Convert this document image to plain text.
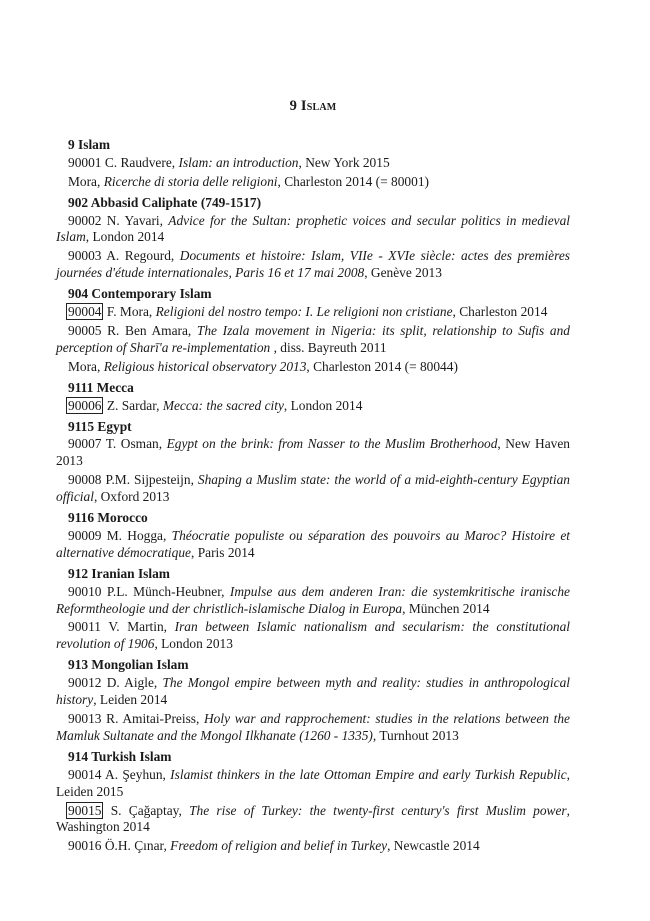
9 Islam
9 Islam
90001 C. Raudvere, Islam: an introduction, New York 2015
Mora, Ricerche di storia delle religioni, Charleston 2014 (= 80001)
902 Abbasid Caliphate (749-1517)
90002 N. Yavari, Advice for the Sultan: prophetic voices and secular politics in medieval Islam, London 2014
90003 A. Regourd, Documents et histoire: Islam, VIIe - XVIe siècle: actes des premières journées d'étude internationales, Paris 16 et 17 mai 2008, Genève 2013
904 Contemporary Islam
90004 F. Mora, Religioni del nostro tempo: I. Le religioni non cristiane, Charleston 2014
90005 R. Ben Amara, The Izala movement in Nigeria: its split, relationship to Sufis and perception of Sharī'a re-implementation , diss. Bayreuth 2011
Mora, Religious historical observatory 2013, Charleston 2014 (= 80044)
9111 Mecca
90006 Z. Sardar, Mecca: the sacred city, London 2014
9115 Egypt
90007 T. Osman, Egypt on the brink: from Nasser to the Muslim Brotherhood, New Haven 2013
90008 P.M. Sijpesteijn, Shaping a Muslim state: the world of a mid-eighth-century Egyptian official, Oxford 2013
9116 Morocco
90009 M. Hogga, Théocratie populiste ou séparation des pouvoirs au Maroc? Histoire et alternative démocratique, Paris 2014
912 Iranian Islam
90010 P.L. Münch-Heubner, Impulse aus dem anderen Iran: die systemkritische iranische Reformtheologie und der christlich-islamische Dialog in Europa, München 2014
90011 V. Martin, Iran between Islamic nationalism and secularism: the constitutional revolution of 1906, London 2013
913 Mongolian Islam
90012 D. Aigle, The Mongol empire between myth and reality: studies in anthropological history, Leiden 2014
90013 R. Amitai-Preiss, Holy war and rapprochement: studies in the relations between the Mamluk Sultanate and the Mongol Ilkhanate (1260 - 1335), Turnhout 2013
914 Turkish Islam
90014 A. Şeyhun, Islamist thinkers in the late Ottoman Empire and early Turkish Republic, Leiden 2015
90015 S. Çağaptay, The rise of Turkey: the twenty-first century's first Muslim power, Washington 2014
90016 Ö.H. Çınar, Freedom of religion and belief in Turkey, Newcastle 2014
